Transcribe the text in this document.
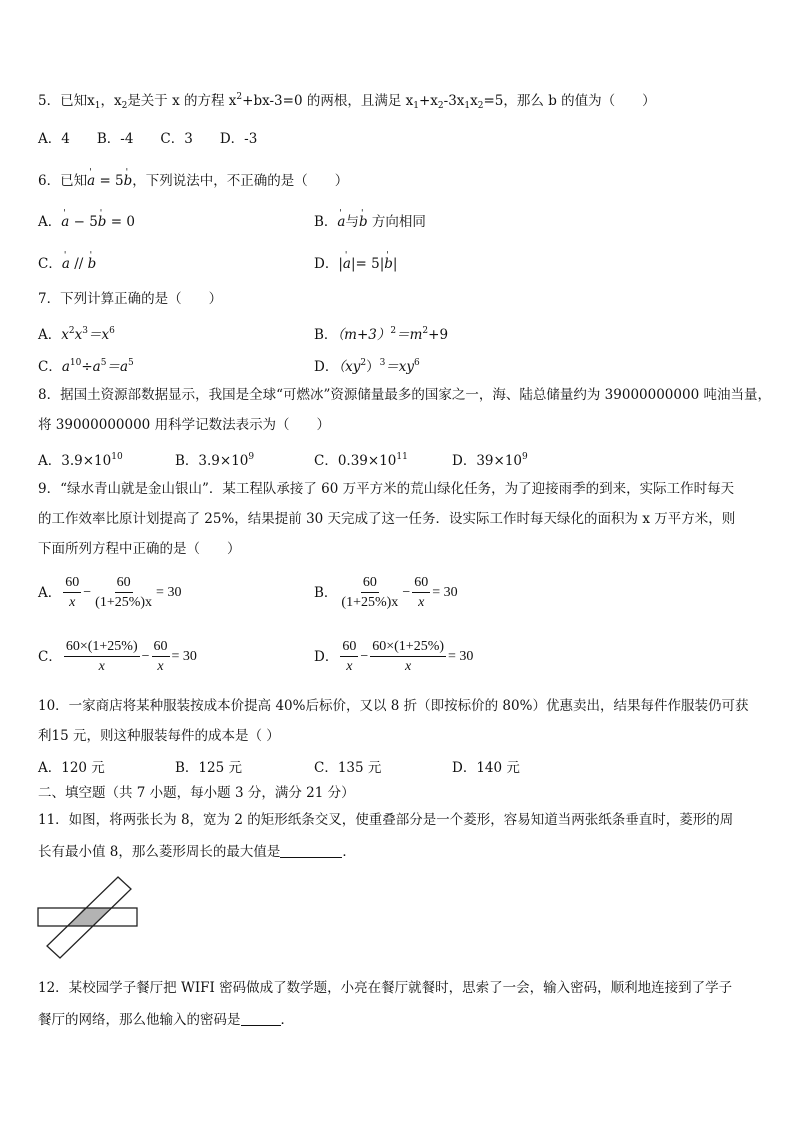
5．已知$x_1$，$x_2$是关于 x 的方程 $x^2+bx-3=0$ 的两根，且满足 $x_1+x_2-3x_1x_2=5$，那么 b 的值为（　　）
A．4　　B．-4　　C．3　　D．-3
6．已知' a = 5' b，下列说法中，不正确的是（　　）
A．' a − 5' b = 0	B．' a与' b 方向相同
C．' a // ' b	D．|' a|= 5|' b|
7．下列计算正确的是（　　）
A．$x^2x^3=x^6$	B．$(m+3)^2=m^2+9$
C．$a^{10}\div a^5=a^5$	D．$(xy^2)^3=xy^6$
8．据国土资源部数据显示，我国是全球“可燃冰”资源储量最多的国家之一，海、陆总储量约为 39000000000 吨油当量，
将 39000000000 用科学记数法表示为（　　）
A．$3.9\times 10^{10}$	B．$3.9\times 10^9$	C．$0.39\times 10^{11}$	D．$39\times 10^9$
9．“绿水青山就是金山银山”．某工程队承接了 60 万平方米的荒山绿化任务，为了迎接雨季的到来，实际工作时每天
的工作效率比原计划提高了 25%，结果提前 30 天完成了这一任务．设实际工作时每天绿化的面积为 x 万平方米，则
下面所列方程中正确的是（　　）
A． $\frac{60}{x} - \frac{60}{(1+25\%)x} = 30$	B． $\frac{60}{(1+25\%)x} - \frac{60}{x} = 30$
C． $\frac{60\times(1+25\%)}{x} - \frac{60}{x} = 30$	D． $\frac{60}{x} - \frac{60\times(1+25\%)}{x} = 30$
10．一家商店将某种服装按成本价提高 40%后标价，又以 8 折（即按标价的 80%）优惠卖出，结果每件作服装仍可获
利15 元，则这种服装每件的成本是（ ）
A．120 元	B．125 元	C．135 元	D．140 元
二、填空题（共 7 小题，每小题 3 分，满分 21 分）
11．如图，将两张长为 8，宽为 2 的矩形纸条交叉，使重叠部分是一个菱形，容易知道当两张纸条垂直时，菱形的周
长有最小值 8，那么菱形周长的最大值是	．
12．某校园学子餐厅把 WIFI 密码做成了数学题，小亮在餐厅就餐时，思索了一会，输入密码，顺利地连接到了学子
餐厅的网络，那么他输入的密码是	．
